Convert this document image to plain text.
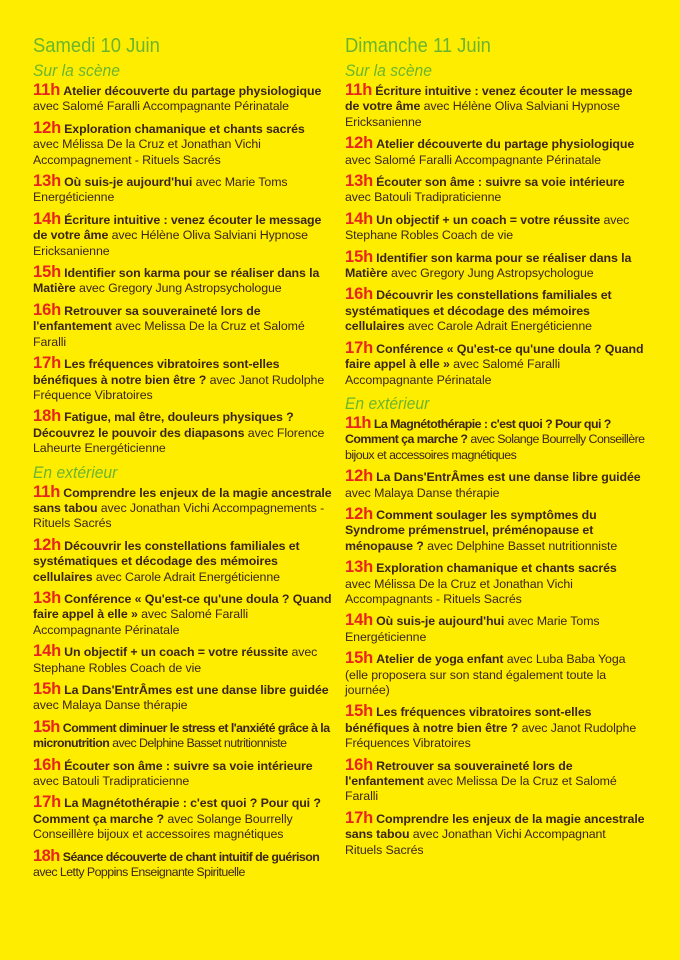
Samedi 10 Juin
Sur la scène
11h Atelier découverte du partage physiologique avec Salomé Faralli Accompagnante Périnatale
12h Exploration chamanique et chants sacrés avec Mélissa De la Cruz et Jonathan Vichi Accompagnement - Rituels Sacrés
13h Où suis-je aujourd'hui avec Marie Toms Energéticienne
14h Écriture intuitive : venez écouter le message de votre âme avec Hélène Oliva Salviani Hypnose Ericksanienne
15h Identifier son karma pour se réaliser dans la Matière avec Gregory Jung Astropsychologue
16h Retrouver sa souveraineté lors de l'enfantement avec Melissa De la Cruz et Salomé Faralli
17h Les fréquences vibratoires sont-elles bénéfiques à notre bien être ? avec Janot Rudolphe Fréquence Vibratoires
18h Fatigue, mal être, douleurs physiques ? Découvrez le pouvoir des diapasons avec Florence Laheurte Energéticienne
En extérieur
11h Comprendre les enjeux de la magie ancestrale sans tabou avec Jonathan Vichi Accompagnements - Rituels Sacrés
12h Découvrir les constellations familiales et systématiques et décodage des mémoires cellulaires avec Carole Adrait Energéticienne
13h Conférence « Qu'est-ce qu'une doula ? Quand faire appel à elle » avec Salomé Faralli Accompagnante Périnatale
14h Un objectif + un coach = votre réussite avec Stephane Robles Coach de vie
15h La Dans'EntrÂmes est une danse libre guidée avec Malaya Danse thérapie
15h Comment diminuer le stress et l'anxiété grâce à la micronutrition avec Delphine Basset nutritionniste
16h Écouter son âme : suivre sa voie intérieure avec Batouli Tradipraticienne
17h La Magnétothérapie : c'est quoi ? Pour qui ? Comment ça marche ? avec Solange Bourrelly Conseillère bijoux et accessoires magnétiques
18h Séance découverte de chant intuitif de guérison avec Letty Poppins Enseignante Spirituelle
Dimanche 11 Juin
Sur la scène
11h Écriture intuitive : venez écouter le message de votre âme avec Hélène Oliva Salviani Hypnose Ericksanienne
12h Atelier découverte du partage physiologique avec Salomé Faralli Accompagnante Périnatale
13h Écouter son âme : suivre sa voie intérieure avec Batouli Tradipraticienne
14h Un objectif + un coach = votre réussite avec Stephane Robles Coach de vie
15h Identifier son karma pour se réaliser dans la Matière avec Gregory Jung Astropsychologue
16h Découvrir les constellations familiales et systématiques et décodage des mémoires cellulaires avec Carole Adrait Energéticienne
17h Conférence « Qu'est-ce qu'une doula ? Quand faire appel à elle » avec Salomé Faralli Accompagnante Périnatale
En extérieur
11h La Magnétothérapie : c'est quoi ? Pour qui ? Comment ça marche ? avec Solange Bourrelly Conseillère bijoux et accessoires magnétiques
12h La Dans'EntrÂmes est une danse libre guidée avec Malaya Danse thérapie
12h Comment soulager les symptômes du Syndrome prémenstruel, préménopause et ménopause ? avec Delphine Basset nutritionniste
13h Exploration chamanique et chants sacrés avec Mélissa De la Cruz et Jonathan Vichi Accompagnants - Rituels Sacrés
14h Où suis-je aujourd'hui avec Marie Toms Energéticienne
15h Atelier de yoga enfant avec Luba Baba Yoga (elle proposera sur son stand également toute la journée)
15h Les fréquences vibratoires sont-elles bénéfiques à notre bien être ? avec Janot Rudolphe Fréquences Vibratoires
16h Retrouver sa souveraineté lors de l'enfantement avec Melissa De la Cruz et Salomé Faralli
17h Comprendre les enjeux de la magie ancestrale sans tabou avec Jonathan Vichi Accompagnant Rituels Sacrés
